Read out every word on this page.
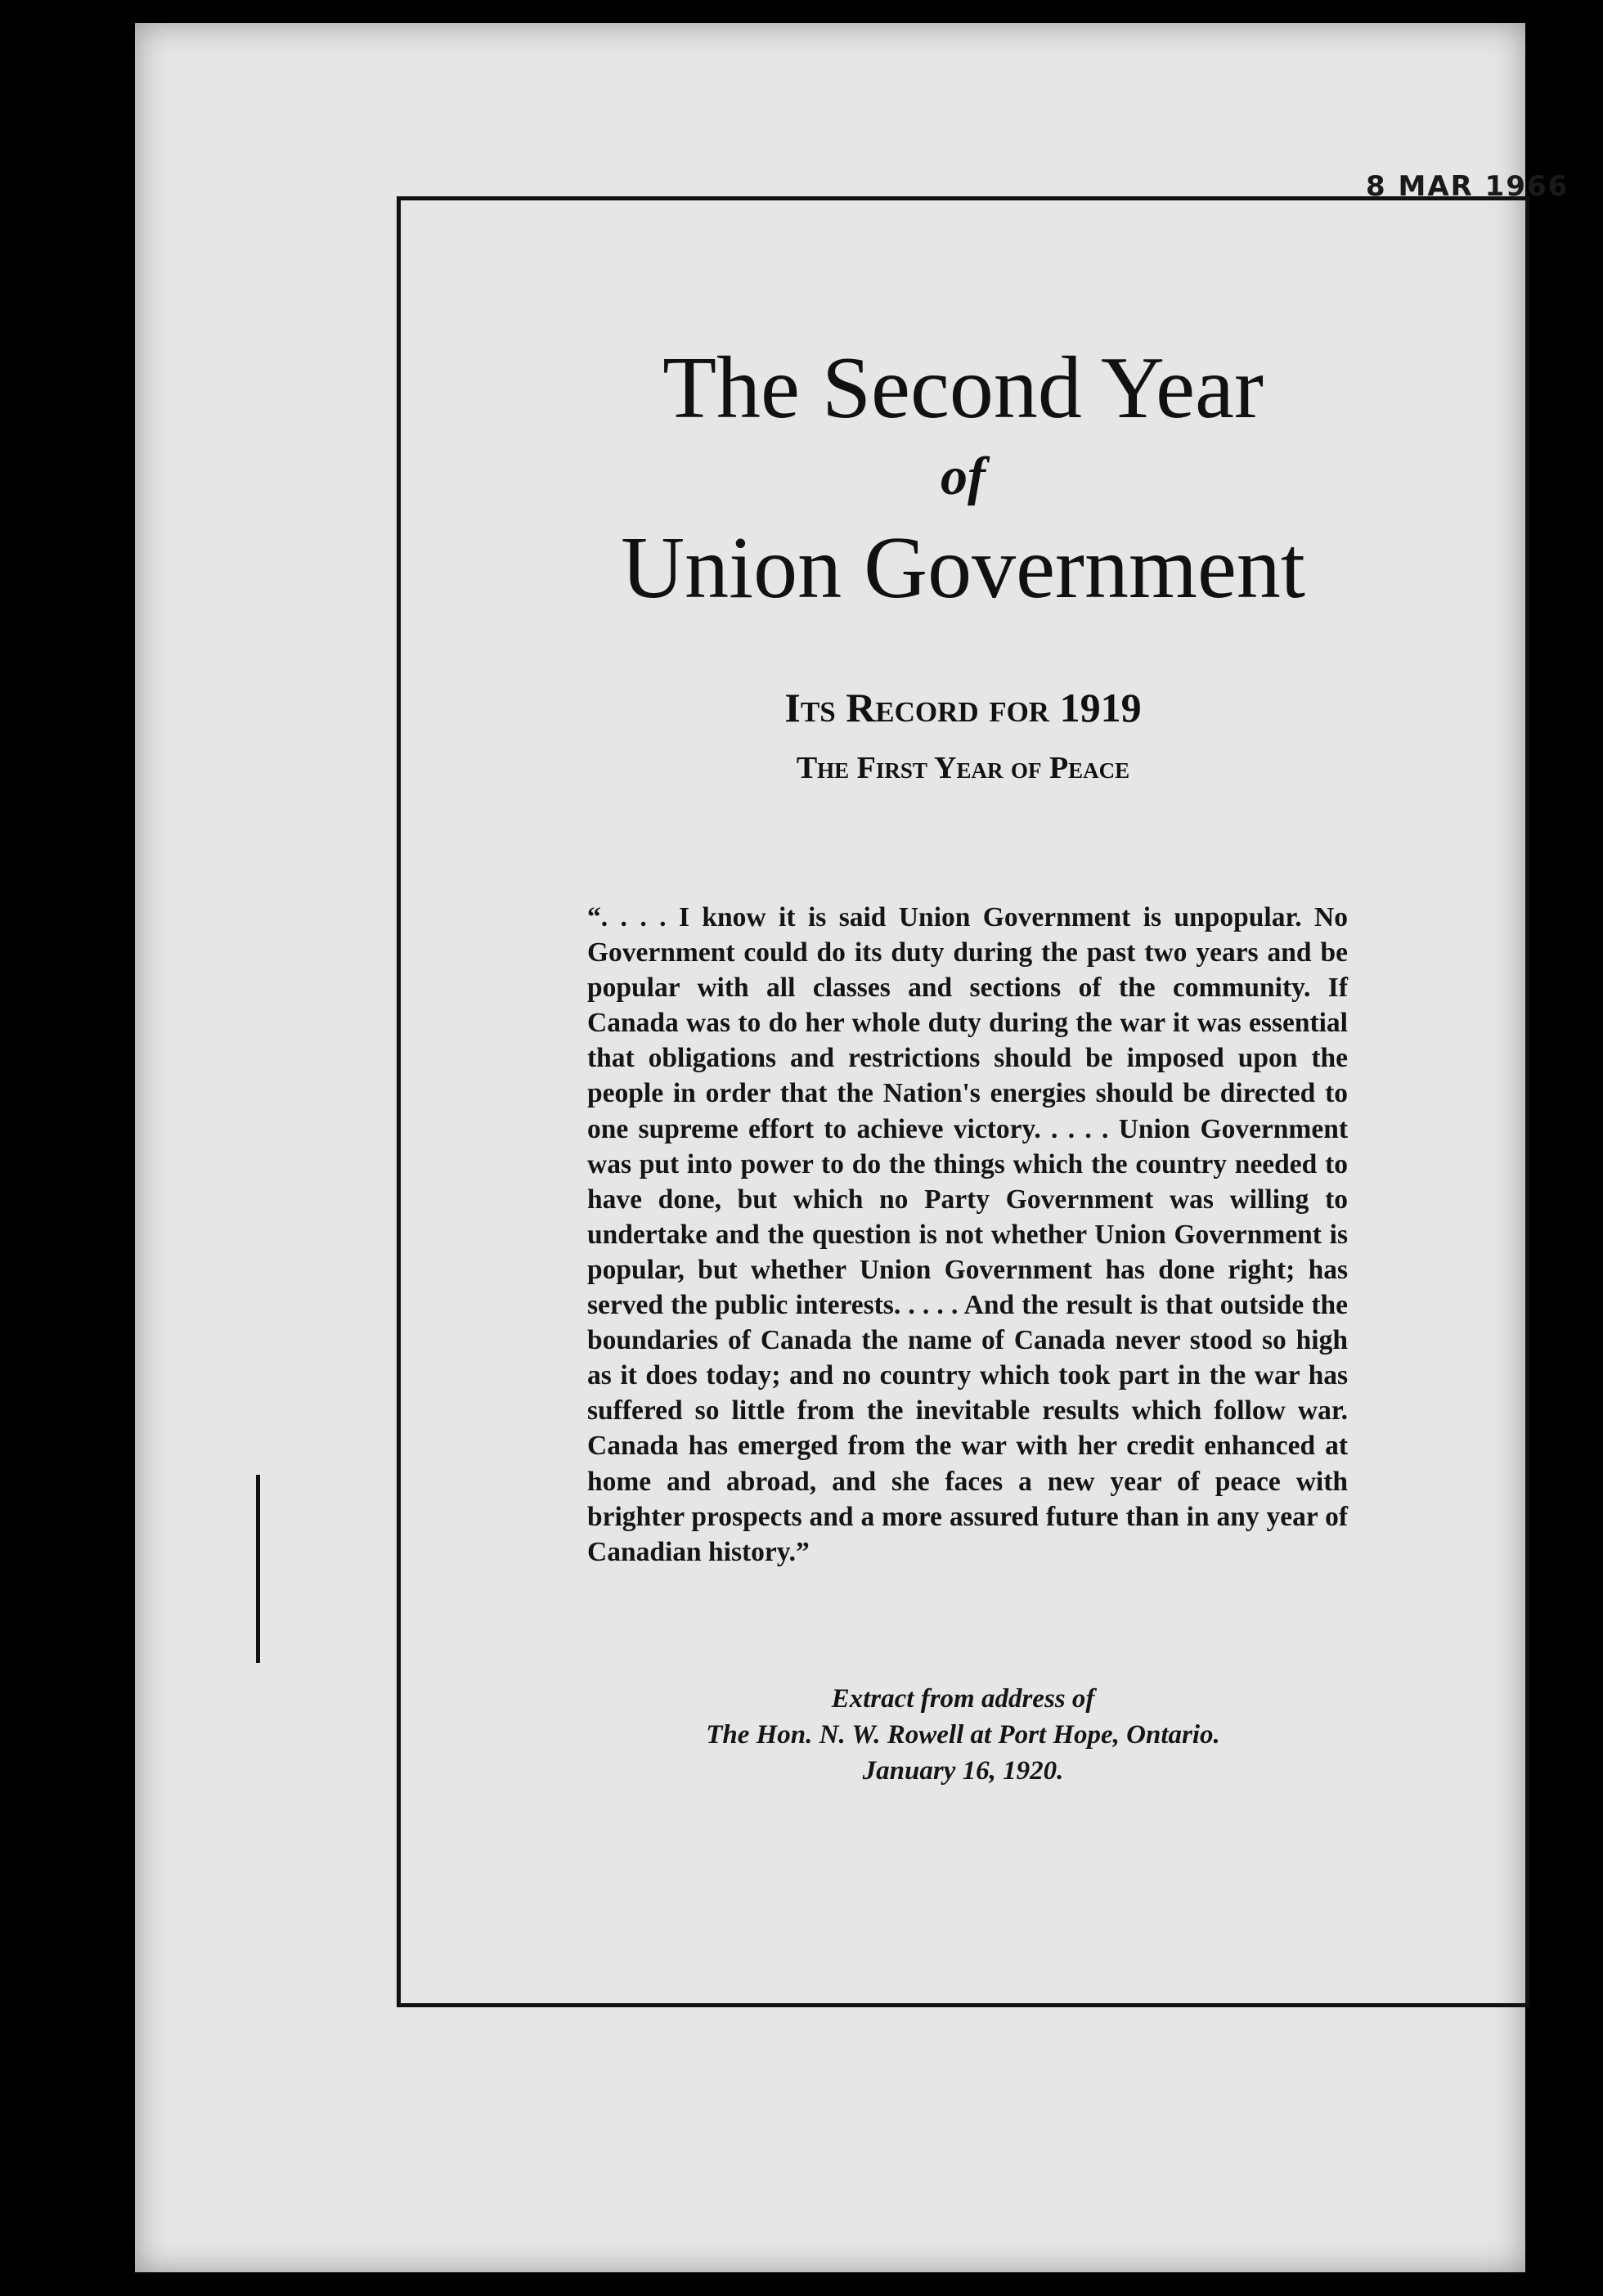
8 MAR 1966
The Second Year
of
Union Government
Its Record for 1919
The First Year of Peace

“. . . . I know it is said Union Government is unpopular. No Government could do its duty during the past two years and be popular with all classes and sections of the community. If Canada was to do her whole duty during the war it was essential that obligations and restrictions should be imposed upon the people in order that the Nation's energies should be directed to one supreme effort to achieve victory. . . . . Union Government was put into power to do the things which the country needed to have done, but which no Party Government was willing to undertake and the question is not whether Union Government is popular, but whether Union Government has done right; has served the public interests. . . . . And the result is that outside the boundaries of Canada the name of Canada never stood so high as it does today; and no country which took part in the war has suffered so little from the inevitable results which follow war. Canada has emerged from the war with her credit enhanced at home and abroad, and she faces a new year of peace with brighter prospects and a more assured future than in any year of Canadian history.”

Extract from address of
The Hon. N. W. Rowell at Port Hope, Ontario.
January 16, 1920.
